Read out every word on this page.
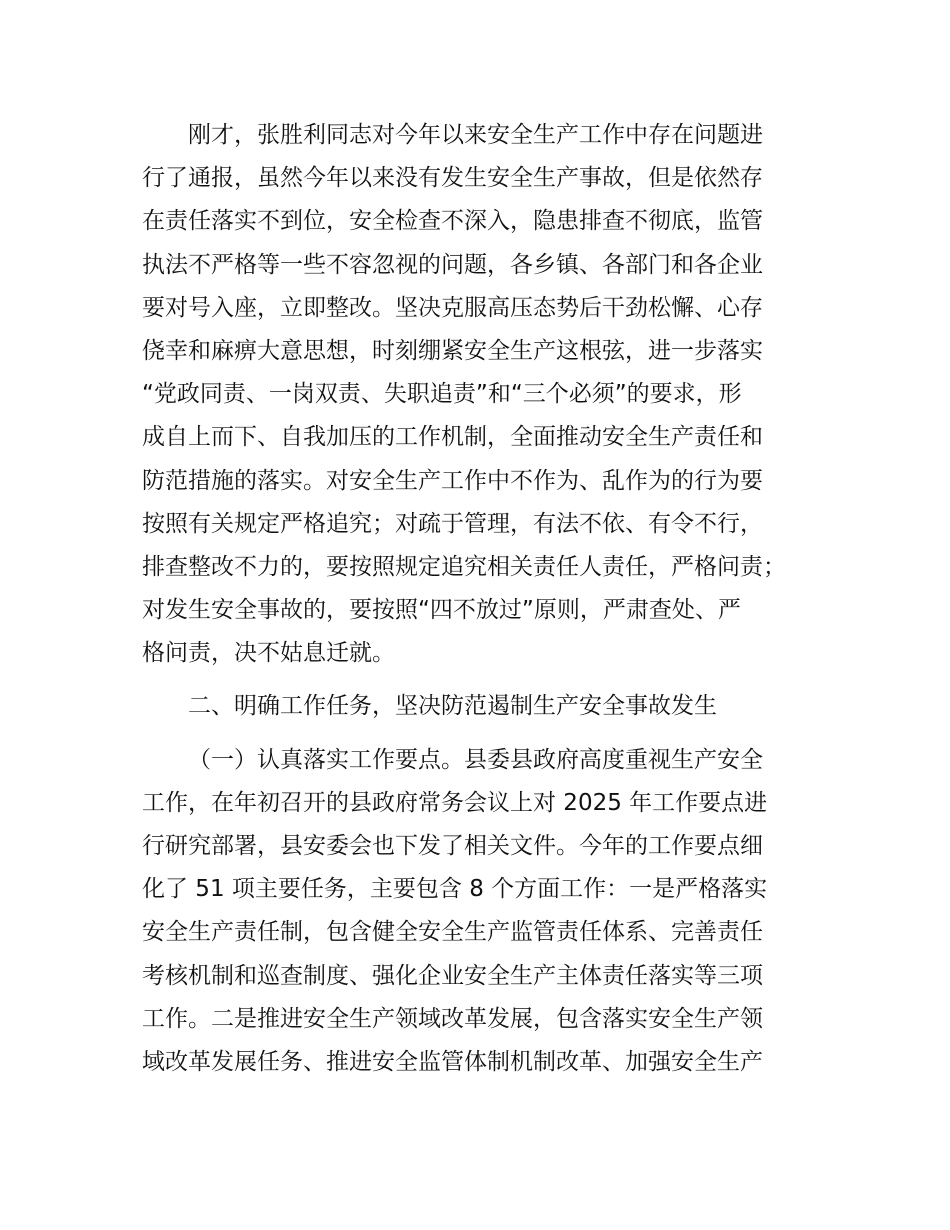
刚才，张胜利同志对今年以来安全生产工作中存在问题进
行了通报，虽然今年以来没有发生安全生产事故，但是依然存
在责任落实不到位，安全检查不深入，隐患排查不彻底，监管
执法不严格等一些不容忽视的问题，各乡镇、各部门和各企业
要对号入座，立即整改。坚决克服高压态势后干劲松懈、心存
侥幸和麻痹大意思想，时刻绷紧安全生产这根弦，进一步落实
“党政同责、一岗双责、失职追责”和“三个必须”的要求，形
成自上而下、自我加压的工作机制，全面推动安全生产责任和
防范措施的落实。对安全生产工作中不作为、乱作为的行为要
按照有关规定严格追究；对疏于管理，有法不依、有令不行，
排查整改不力的，要按照规定追究相关责任人责任，严格问责；
对发生安全事故的，要按照“四不放过”原则，严肃查处、严
格问责，决不姑息迁就。
二、明确工作任务，坚决防范遏制生产安全事故发生
（一）认真落实工作要点。县委县政府高度重视生产安全
工作，在年初召开的县政府常务会议上对 2025 年工作要点进
行研究部署，县安委会也下发了相关文件。今年的工作要点细
化了 51 项主要任务，主要包含 8 个方面工作：一是严格落实
安全生产责任制，包含健全安全生产监管责任体系、完善责任
考核机制和巡查制度、强化企业安全生产主体责任落实等三项
工作。二是推进安全生产领域改革发展，包含落实安全生产领
域改革发展任务、推进安全监管体制机制改革、加强安全生产
